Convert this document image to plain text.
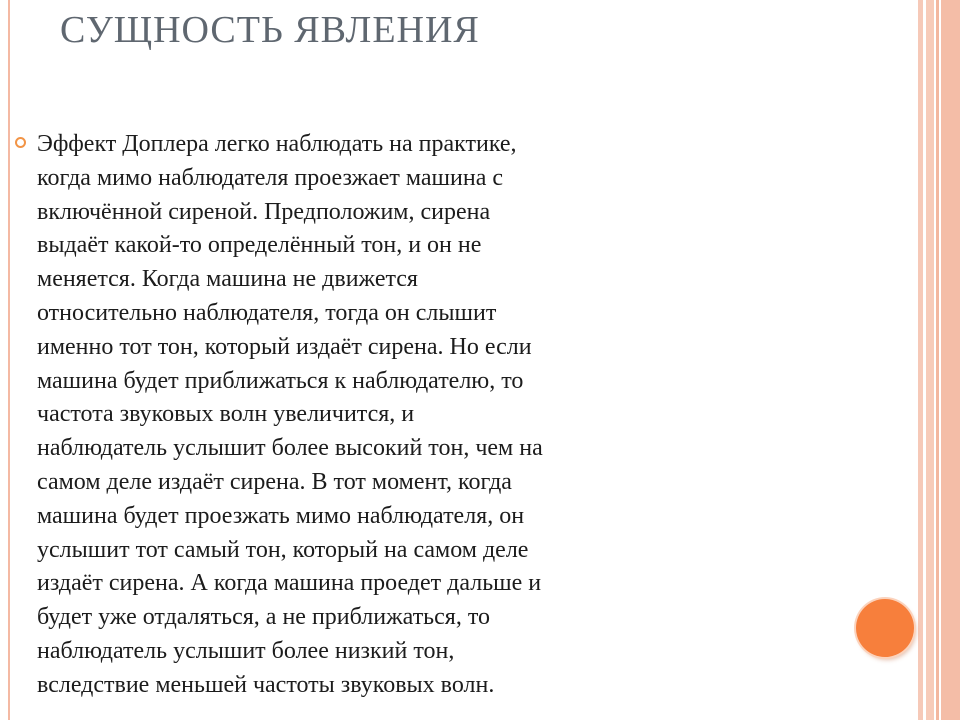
СУЩНОСТЬ ЯВЛЕНИЯ

Эффект Доплера легко наблюдать на практике,
когда мимо наблюдателя проезжает машина с
включённой сиреной. Предположим, сирена
выдаёт какой-то определённый тон, и он не
меняется. Когда машина не движется
относительно наблюдателя, тогда он слышит
именно тот тон, который издаёт сирена. Но если
машина будет приближаться к наблюдателю, то
частота звуковых волн увеличится, и
наблюдатель услышит более высокий тон, чем на
самом деле издаёт сирена. В тот момент, когда
машина будет проезжать мимо наблюдателя, он
услышит тот самый тон, который на самом деле
издаёт сирена. А когда машина проедет дальше и
будет уже отдаляться, а не приближаться, то
наблюдатель услышит более низкий тон,
вследствие меньшей частоты звуковых волн.
